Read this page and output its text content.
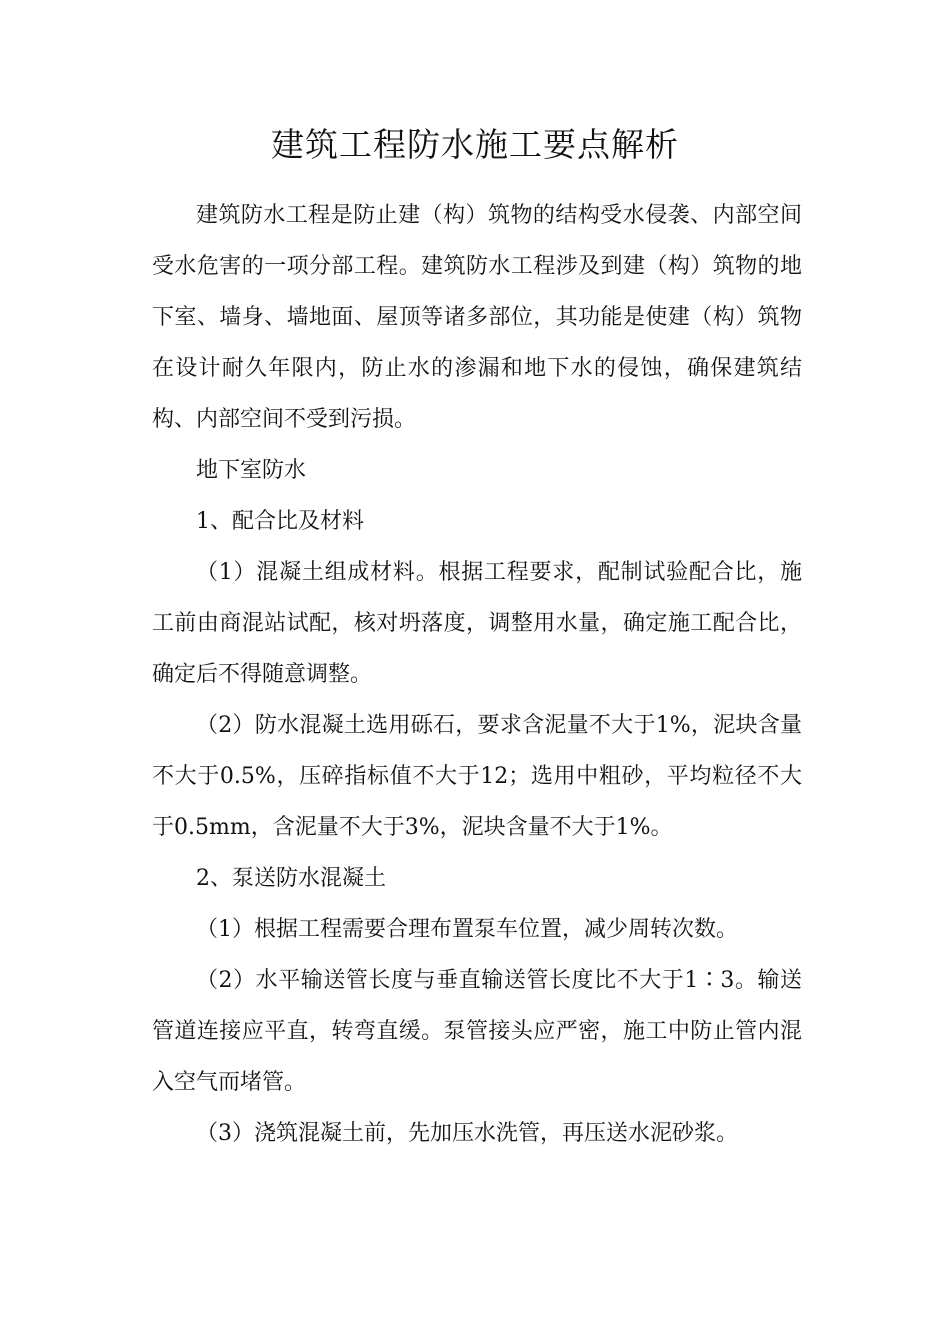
建筑工程防水施工要点解析

建筑防水工程是防止建（构）筑物的结构受水侵袭、内部空间受水危害的一项分部工程。建筑防水工程涉及到建（构）筑物的地下室、墙身、墙地面、屋顶等诸多部位，其功能是使建（构）筑物在设计耐久年限内，防止水的渗漏和地下水的侵蚀，确保建筑结构、内部空间不受到污损。

地下室防水

1、配合比及材料

（1）混凝土组成材料。根据工程要求，配制试验配合比，施工前由商混站试配，核对坍落度，调整用水量，确定施工配合比，确定后不得随意调整。

（2）防水混凝土选用砾石，要求含泥量不大于1%，泥块含量不大于0.5%，压碎指标值不大于12；选用中粗砂，平均粒径不大于0.5mm，含泥量不大于3%，泥块含量不大于1%。

2、泵送防水混凝土

（1）根据工程需要合理布置泵车位置，减少周转次数。

（2）水平输送管长度与垂直输送管长度比不大于1∶3。输送管道连接应平直，转弯直缓。泵管接头应严密，施工中防止管内混入空气而堵管。

（3）浇筑混凝土前，先加压水洗管，再压送水泥砂浆。
